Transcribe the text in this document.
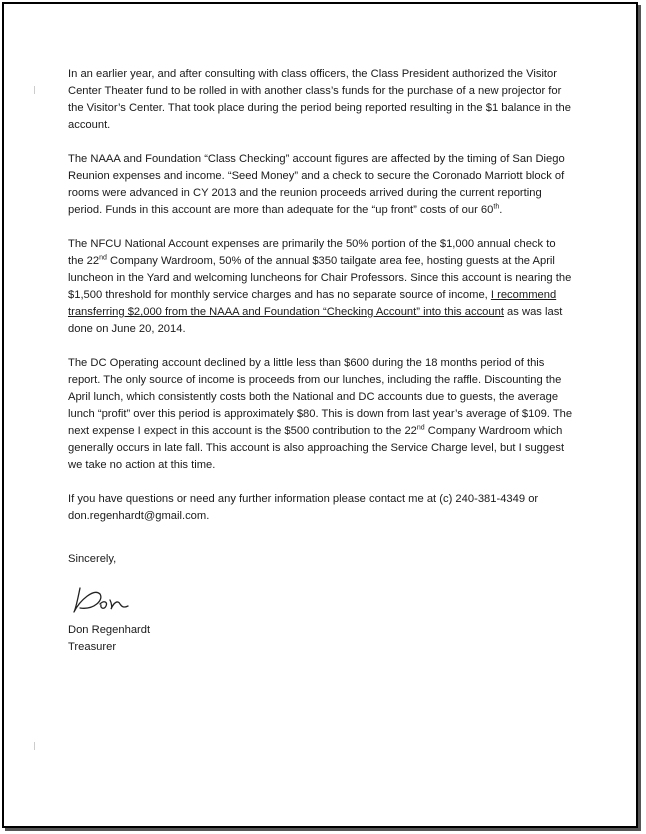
In an earlier year, and after consulting with class officers, the Class President authorized the Visitor Center Theater fund to be rolled in with another class’s funds for the purchase of a new projector for the Visitor’s Center. That took place during the period being reported resulting in the $1 balance in the account.

The NAAA and Foundation “Class Checking” account figures are affected by the timing of San Diego Reunion expenses and income. “Seed Money” and a check to secure the Coronado Marriott block of rooms were advanced in CY 2013 and the reunion proceeds arrived during the current reporting period. Funds in this account are more than adequate for the “up front” costs of our 60th.

The NFCU National Account expenses are primarily the 50% portion of the $1,000 annual check to the 22nd Company Wardroom, 50% of the annual $350 tailgate area fee, hosting guests at the April luncheon in the Yard and welcoming luncheons for Chair Professors. Since this account is nearing the $1,500 threshold for monthly service charges and has no separate source of income, I recommend transferring $2,000 from the NAAA and Foundation “Checking Account” into this account as was last done on June 20, 2014.

The DC Operating account declined by a little less than $600 during the 18 months period of this report. The only source of income is proceeds from our lunches, including the raffle. Discounting the April lunch, which consistently costs both the National and DC accounts due to guests, the average lunch “profit” over this period is approximately $80. This is down from last year’s average of $109. The next expense I expect in this account is the $500 contribution to the 22nd Company Wardroom which generally occurs in late fall. This account is also approaching the Service Charge level, but I suggest we take no action at this time.

If you have questions or need any further information please contact me at (c) 240-381-4349 or don.regenhardt@gmail.com.

Sincerely,
Don Regenhardt
Treasurer
